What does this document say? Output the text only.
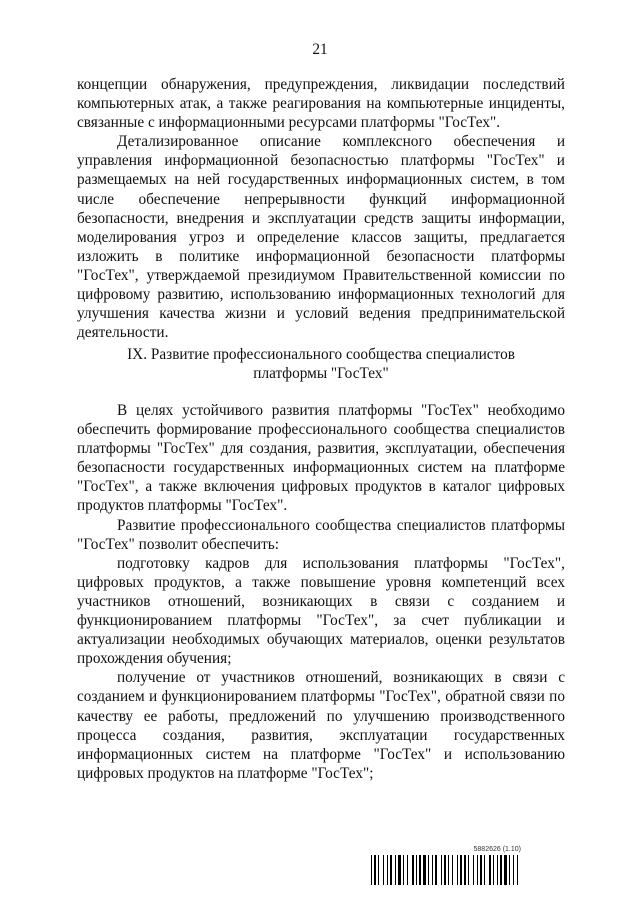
21

концепции обнаружения, предупреждения, ликвидации последствий компьютерных атак, а также реагирования на компьютерные инциденты, связанные с информационными ресурсами платформы "ГосТех".

Детализированное описание комплексного обеспечения и управления информационной безопасностью платформы "ГосТех" и размещаемых на ней государственных информационных систем, в том числе обеспечение непрерывности функций информационной безопасности, внедрения и эксплуатации средств защиты информации, моделирования угроз и определение классов защиты, предлагается изложить в политике информационной безопасности платформы "ГосТех", утверждаемой президиумом Правительственной комиссии по цифровому развитию, использованию информационных технологий для улучшения качества жизни и условий ведения предпринимательской деятельности.

IX. Развитие профессионального сообщества специалистов
платформы "ГосТех"

В целях устойчивого развития платформы "ГосТех" необходимо обеспечить формирование профессионального сообщества специалистов платформы "ГосТех" для создания, развития, эксплуатации, обеспечения безопасности государственных информационных систем на платформе "ГосТех", а также включения цифровых продуктов в каталог цифровых продуктов платформы "ГосТех".

Развитие профессионального сообщества специалистов платформы "ГосТех" позволит обеспечить:

подготовку кадров для использования платформы "ГосТех", цифровых продуктов, а также повышение уровня компетенций всех участников отношений, возникающих в связи с созданием и функционированием платформы "ГосТех", за счет публикации и актуализации необходимых обучающих материалов, оценки результатов прохождения обучения;

получение от участников отношений, возникающих в связи с созданием и функционированием платформы "ГосТех", обратной связи по качеству ее работы, предложений по улучшению производственного процесса создания, развития, эксплуатации государственных информационных систем на платформе "ГосТех" и использованию цифровых продуктов на платформе "ГосТех";

5882626 (1.10)
